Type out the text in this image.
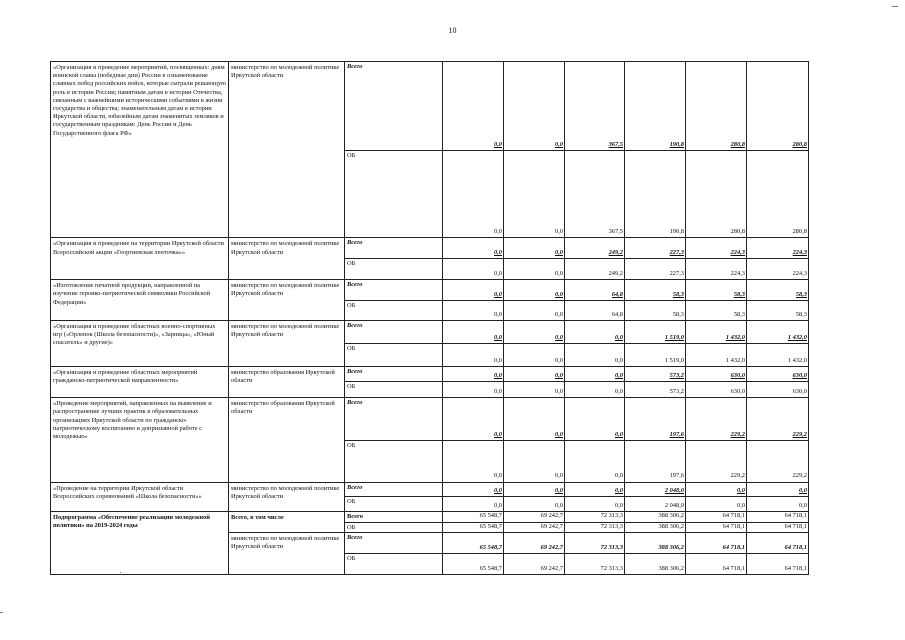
10
«Организация и проведение мероприятий, посвященных: дням воинской славы (победные дни) России в ознаменование славных побед российских войск, которые сыграли решающую роль в истории России; памятным датам в истории Отечества, связанным с важнейшими историческими событиями в жизни государства и общества; знаменательным датам в истории Иркутской области, юбилейным датам знаменитых земляков и государственным праздникам: День России и День Государственного флага РФ»	министерство по молодежной политике Иркутской области	Всего	0,0	0,0	367,5	190,8	280,8	280,8
		ОБ	0,0	0,0	367,5	190,8	280,8	280,8
«Организация и проведение на территории Иркутской области Всероссийской акции «Георгиевская ленточка»»	министерство по молодежной политике Иркутской области	Всего	0,0	0,0	249,2	227,3	224,3	224,3
		ОБ	0,0	0,0	249,2	227,3	224,3	224,3
«Изготовление печатной продукции, направленной на изучение героико-патриотической символики Российской Федерации»	министерство по молодежной политике Иркутской области	Всего	0,0	0,0	64,8	58,3	58,3	58,3
		ОБ	0,0	0,0	64,8	58,3	58,3	58,3
«Организация и проведение областных военно-спортивных игр («Орленок (Школа безопасности)», «Зарница», «Юный спасатель» и другие)»	министерство по молодежной политике Иркутской области	Всего	0,0	0,0	0,0	1 519,0	1 432,0	1 432,0
		ОБ	0,0	0,0	0,0	1 519,0	1 432,0	1 432,0
«Организация и проведение областных мероприятий гражданско-патриотической направленности»	министерство образования Иркутской области	Всего	0,0	0,0	0,0	573,2	630,0	630,0
		ОБ	0,0	0,0	0,0	573,2	630,0	630,0
«Проведение мероприятий, направленных на выявление и распространение лучших практик в образовательных организациях Иркутской области по гражданско-патриотическому воспитанию и допризывной работе с молодежью»	министерство образования Иркутской области	Всего	0,0	0,0	0,0	197,6	229,2	229,2
		ОБ	0,0	0,0	0,0	197,6	229,2	229,2
«Проведение на территории Иркутской области Всероссийских соревнований «Школа безопасности»»	министерство по молодежной политике Иркутской области	Всего	0,0	0,0	0,0	2 048,0	0,0	0,0
		ОБ	0,0	0,0	0,0	2 048,0	0,0	0,0
Подпрограмма «Обеспечение реализации молодежной политики» на 2019-2024 годы	Всего, в том числе	Всего	65 548,7	69 242,7	72 313,3	388 306,2	64 718,1	64 718,1
		ОБ	65 548,7	69 242,7	72 313,3	388 306,2	64 718,1	64 718,1
	министерство по молодежной политике Иркутской области	Всего	65 548,7	69 242,7	72 313,3	388 306,2	64 718,1	64 718,1
		ОБ	65 548,7	69 242,7	72 313,3	388 306,2	64 718,1	64 718,1
